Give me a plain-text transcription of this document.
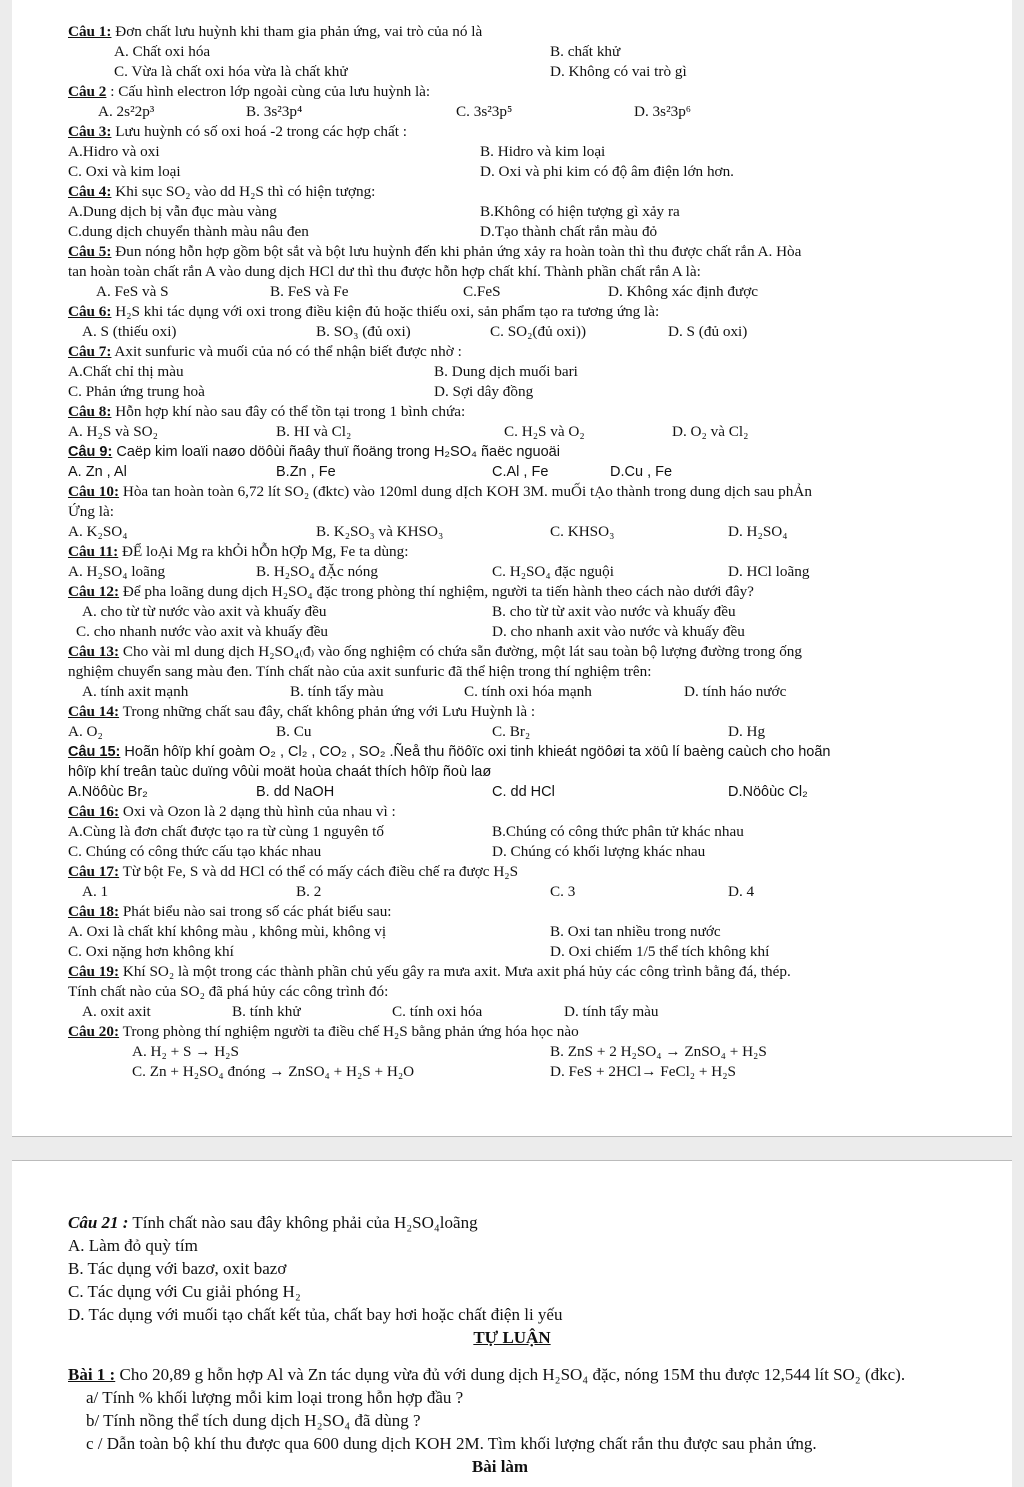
Câu 1: Đơn chất lưu huỳnh khi tham gia phản ứng, vai trò của nó là
A. Chất oxi hóa	B. chất khử
C. Vừa là chất oxi hóa vừa là chất khử	D. Không có vai trò gì
Câu 2 : Cấu hình electron lớp ngoài cùng của lưu huỳnh là:
A. 2s²2p³	B. 3s²3p⁴	C. 3s²3p⁵	D. 3s²3p⁶
Câu 3: Lưu huỳnh có số oxi hoá -2 trong các hợp chất :
A.Hidro và oxi	B. Hidro và kim loại
C. Oxi và kim loại	D. Oxi và phi kim có độ âm điện lớn hơn.
Câu 4: Khi sục SO₂ vào dd H₂S thì có hiện tượng:
A.Dung dịch bị vẫn đục màu vàng	B.Không có hiện tượng gì xảy ra
C.dung dịch chuyển thành màu nâu đen	D.Tạo thành chất rắn màu đỏ
Câu 5: Đun nóng hỗn hợp gồm bột sắt và bột lưu huỳnh đến khi phản ứng xảy ra hoàn toàn thì thu được chất rắn A. Hòa
tan hoàn toàn chất rắn A vào dung dịch HCl dư thì thu được hỗn hợp chất khí. Thành phần chất rắn A là:
A. FeS và S	B. FeS và Fe	C.FeS	D. Không xác định được
Câu 6: H₂S khi tác dụng với oxi trong điều kiện đủ hoặc thiếu oxi, sản phẩm tạo ra tương ứng là:
A. S (thiếu oxi)	B. SO₃ (đủ oxi)	C. SO₂(đủ oxi))	D. S (đủ oxi)
Câu 7: Axit sunfuric và muối của nó có thể nhận biết được nhờ :
A.Chất chỉ thị màu	B. Dung dịch muối bari
C. Phản ứng trung hoà	D. Sợi dây đồng
Câu 8: Hỗn hợp khí nào sau đây có thể tồn tại trong 1 bình chứa:
A. H₂S và SO₂	B. HI và Cl₂	C. H₂S và O₂	D. O₂ và Cl₂
Câu 9: Caëp kim loaïi naøo döôùi ñaây thuï ñoäng trong H₂SO₄ ñaëc nguoäi
A. Zn , Al	B.Zn , Fe	C.Al , Fe	D.Cu , Fe
Câu 10: Hòa tan hoàn toàn 6,72 lít SO₂ (đktc) vào 120ml dung dỊch KOH 3M. muỐi tẠo thành trong dung dịch sau phẢn
Ứng là:
A. K₂SO₄	B. K₂SO₃ và KHSO₃	C. KHSO₃	D. H₂SO₄
Câu 11: ĐỂ loẠi Mg ra khỎi hỖn hỢp Mg, Fe ta dùng:
A. H₂SO₄ loãng	B. H₂SO₄ đẶc nóng	C. H₂SO₄ đặc nguội	D. HCl loãng
Câu 12: Để pha loãng dung dịch H₂SO₄ đặc trong phòng thí nghiệm, người ta tiến hành theo cách nào dưới đây?
A. cho từ từ nước vào axit và khuấy đều	B. cho từ từ axit vào nước và khuấy đều
C. cho nhanh nước vào axit và khuấy đều	D. cho nhanh axit vào nước và khuấy đều
Câu 13: Cho vài ml dung dịch H₂SO₄₍đ₎ vào ống nghiệm có chứa sẵn đường, một lát sau toàn bộ lượng đường trong ống
nghiệm chuyển sang màu đen. Tính chất nào của axit sunfuric đã thể hiện trong thí nghiệm trên:
A. tính axit mạnh	B. tính tẩy màu	C. tính oxi hóa mạnh	D. tính háo nước
Câu 14: Trong những chất sau đây, chất không phản ứng với Lưu Huỳnh là :
A. O₂	B. Cu	C. Br₂	D. Hg
Câu 15: Hoãn hôïp khí goàm O₂ , Cl₂ , CO₂ , SO₂ .Ñeå thu ñöôïc oxi tinh khieát ngöôøi ta xöû lí baèng caùch cho hoãn
hôïp khí treân taùc duïng vôùi moät hoùa chaát thích hôïp ñoù laø
A.Nöôùc Br₂	B. dd NaOH	C. dd HCl	D.Nöôùc Cl₂
Câu 16: Oxi và Ozon là 2 dạng thù hình của nhau vì :
A.Cùng là đơn chất được tạo ra từ cùng 1 nguyên tố	B.Chúng có công thức phân tử khác nhau
C. Chúng có công thức cấu tạo khác nhau	D. Chúng có khối lượng khác nhau
Câu 17: Từ bột Fe, S và dd HCl có thể có mấy cách điều chế ra được H₂S
A. 1	B. 2	C. 3	D. 4
Câu 18: Phát biểu nào sai trong số các phát biểu sau:
A. Oxi là chất khí không màu , không mùi, không vị	B. Oxi tan nhiều trong nước
C. Oxi nặng hơn không khí	D. Oxi chiếm 1/5 thể tích không khí
Câu 19: Khí SO₂ là một trong các thành phần chủ yếu gây ra mưa axit. Mưa axit phá hủy các công trình bằng đá, thép.
Tính chất nào của SO₂ đã phá hủy các công trình đó:
A. oxit axit	B. tính khử	C. tính oxi hóa	D. tính tẩy màu
Câu 20: Trong phòng thí nghiệm người ta điều chế H₂S bằng phản ứng hóa học nào
A. H₂ + S → H₂S	B. ZnS + 2 H₂SO₄ → ZnSO₄ + H₂S
C. Zn + H₂SO₄ đnóng → ZnSO₄ + H₂S + H₂O	D. FeS + 2HCl→ FeCl₂ + H₂S
Câu 21 : Tính chất nào sau đây không phải của H₂SO₄loãng
A. Làm đỏ quỳ tím
B. Tác dụng với bazơ, oxit bazơ
C. Tác dụng với Cu giải phóng H₂
D. Tác dụng với muối tạo chất kết tủa, chất bay hơi hoặc chất điện li yếu
TỰ LUẬN
Bài 1 : Cho 20,89 g hỗn hợp Al và Zn tác dụng vừa đủ với dung dịch H₂SO₄ đặc, nóng 15M thu được 12,544 lít SO₂ (đkc).
a/ Tính % khối lượng mỗi kim loại trong hỗn hợp đầu ?
b/ Tính nồng thể tích dung dịch H₂SO₄ đã dùng ?
c / Dẫn toàn bộ khí thu được qua 600 dung dịch KOH 2M. Tìm khối lượng chất rắn thu được sau phản ứng.
Bài làm
